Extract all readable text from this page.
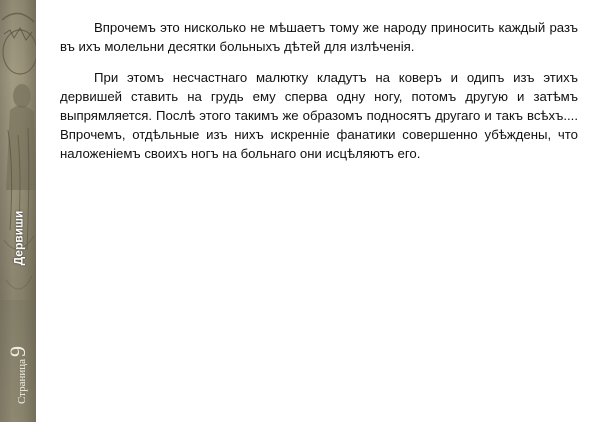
Дервиши
Страница
9

Впрочемъ это нисколько не мѣшаетъ тому же народу приносить каждый разъ въ ихъ молельни десятки больныхъ дѣтей для излѣченія.

При этомъ несчастнаго малютку кладутъ на коверъ и одипъ изъ этихъ дервишей ставить на грудь ему сперва одну ногу, потомъ другую и затѣмъ выпрямляется. Послѣ этого такимъ же образомъ подносятъ другаго и такъ всѣхъ.... Впрочемъ, отдѣльные изъ нихъ искренніе фанатики совершенно убѣждены, что наложеніемъ своихъ ногъ на больнаго они исцѣляютъ его.
